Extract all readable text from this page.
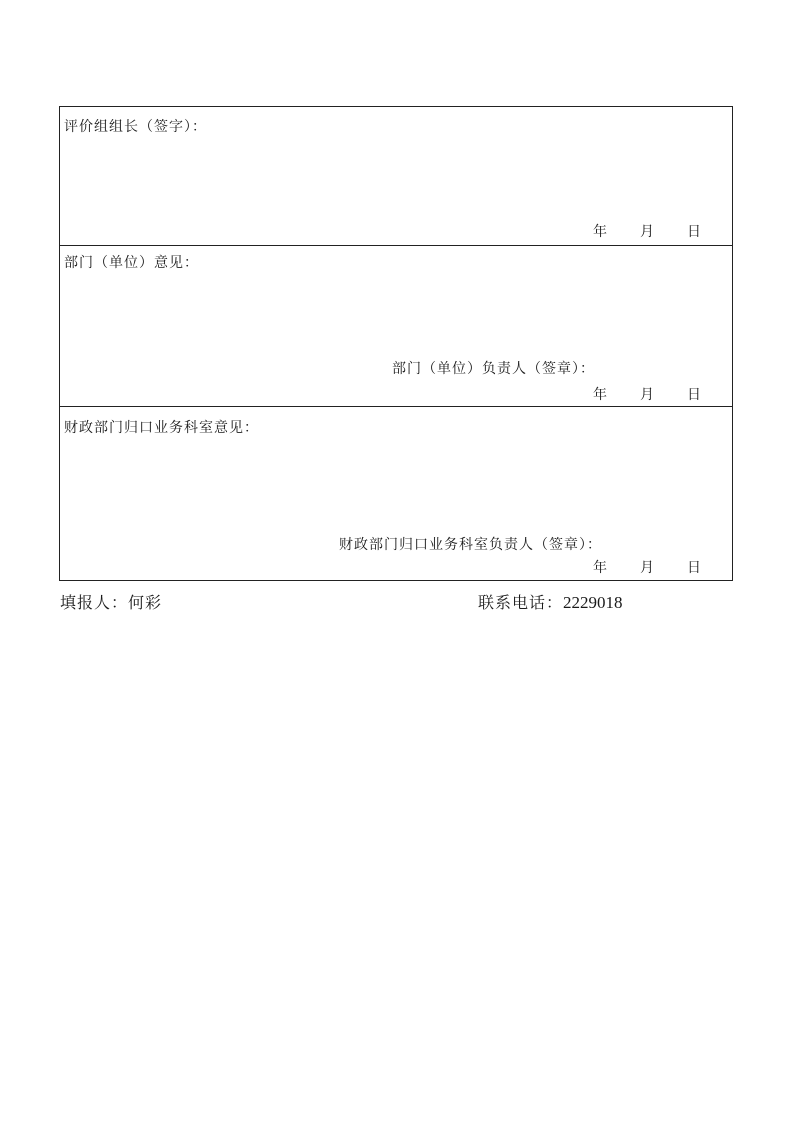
评价组组长（签字）：
年 月 日
部门（单位）意见：
部门（单位）负责人（签章）：
年 月 日
财政部门归口业务科室意见：
财政部门归口业务科室负责人（签章）：
年 月 日
填报人：何彩	联系电话：2229018
